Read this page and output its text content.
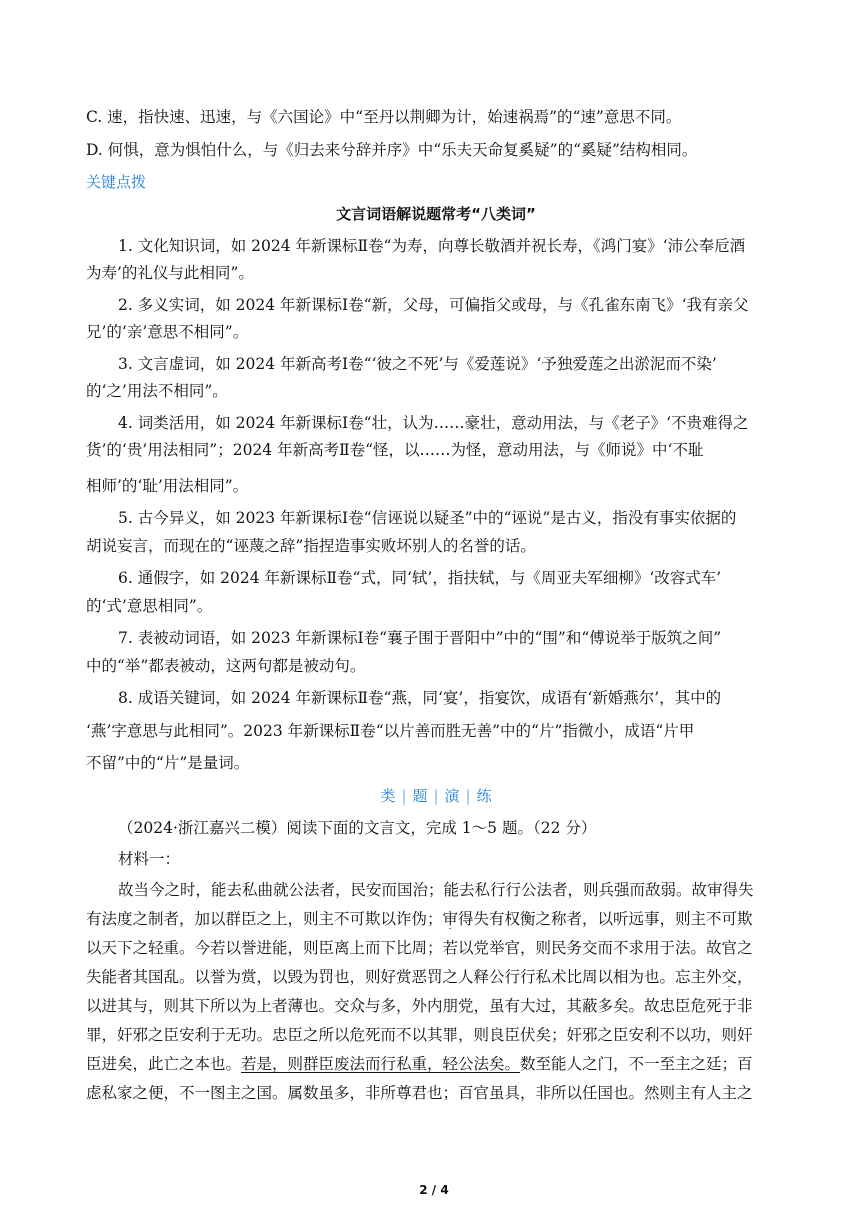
C. 速，指快速、迅速，与《六国论》中“至丹以荆卿为计，始速祸焉”的“速”意思不同。
D. 何惧，意为惧怕什么，与《归去来兮辞并序》中“乐夫天命复奚疑”的“奚疑”结构相同。
关键点拨
文言词语解说题常考“八类词”
1. 文化知识词，如 2024 年新课标Ⅱ卷“为寿，向尊长敬酒并祝长寿，《鸿门宴》‘沛公奉卮酒
为寿’的礼仪与此相同”。
2. 多义实词，如 2024 年新课标Ⅰ卷“新，父母，可偏指父或母，与《孔雀东南飞》‘我有亲父
兄’的‘亲’意思不相同”。
3. 文言虚词，如 2024 年新高考Ⅰ卷“‘彼之不死’与《爱莲说》‘予独爱莲之出淤泥而不染’
的‘之’用法不相同”。
4. 词类活用，如 2024 年新课标Ⅰ卷“壮，认为……豪壮，意动用法，与《老子》‘不贵难得之
货’的‘贵’用法相同”；2024 年新高考Ⅱ卷“怪，以……为怪，意动用法，与《师说》中‘不耻
相师’的‘耻’用法相同”。
5. 古今异义，如 2023 年新课标Ⅰ卷“信诬说以疑圣”中的“诬说”是古义，指没有事实依据的
胡说妄言，而现在的“诬蔑之辞”指捏造事实败坏别人的名誉的话。
6. 通假字，如 2024 年新课标Ⅱ卷“式，同‘轼’，指扶轼，与《周亚夫军细柳》‘改容式车’
的‘式’意思相同”。
7. 表被动词语，如 2023 年新课标Ⅰ卷“襄子围于晋阳中”中的“围”和“傅说举于版筑之间”
中的“举”都表被动，这两句都是被动句。
8. 成语关键词，如 2024 年新课标Ⅱ卷“燕，同‘宴’，指宴饮，成语有‘新婚燕尔’，其中的
‘燕’字意思与此相同”。2023 年新课标Ⅱ卷“以片善而胜无善”中的“片”指微小，成语“片甲
不留”中的“片”是量词。
类 | 题 | 演 | 练
（2024·浙江嘉兴二模）阅读下面的文言文，完成 1～5 题。（22 分）
材料一：
故当今之时，能去私曲就公法者，民安而国治；能去私行行公法者，则兵强而敌弱。故审得失
有法度之制者，加以群臣之上，则主不可欺以诈伪；审得失有权衡之称者，以听远事，则主不可欺
以天下之轻重。今若以誉进能，则臣离上而下比周；若以党举官，则民务交而不求用于法。故官之
失能者其国乱。以誉为赏，以毁为罚也，则好赏恶罚之人释公行行私术比周以相为也。忘主外交，
以进其与，则其下所以为上者薄也。交众与多，外内朋党，虽有大过，其蔽多矣。故忠臣危死于非
罪，奸邪之臣安利于无功。忠臣之所以危死而不以其罪，则良臣伏矣；奸邪之臣安利不以功，则奸
臣进矣，此亡之本也。若是，则群臣废法而行私重，轻公法矣。数至能人之门，不一至主之廷；百
虑私家之便，不一图主之国。属数虽多，非所尊君也；百官虽具，非所以任国也。然则主有人主之
2 / 4
